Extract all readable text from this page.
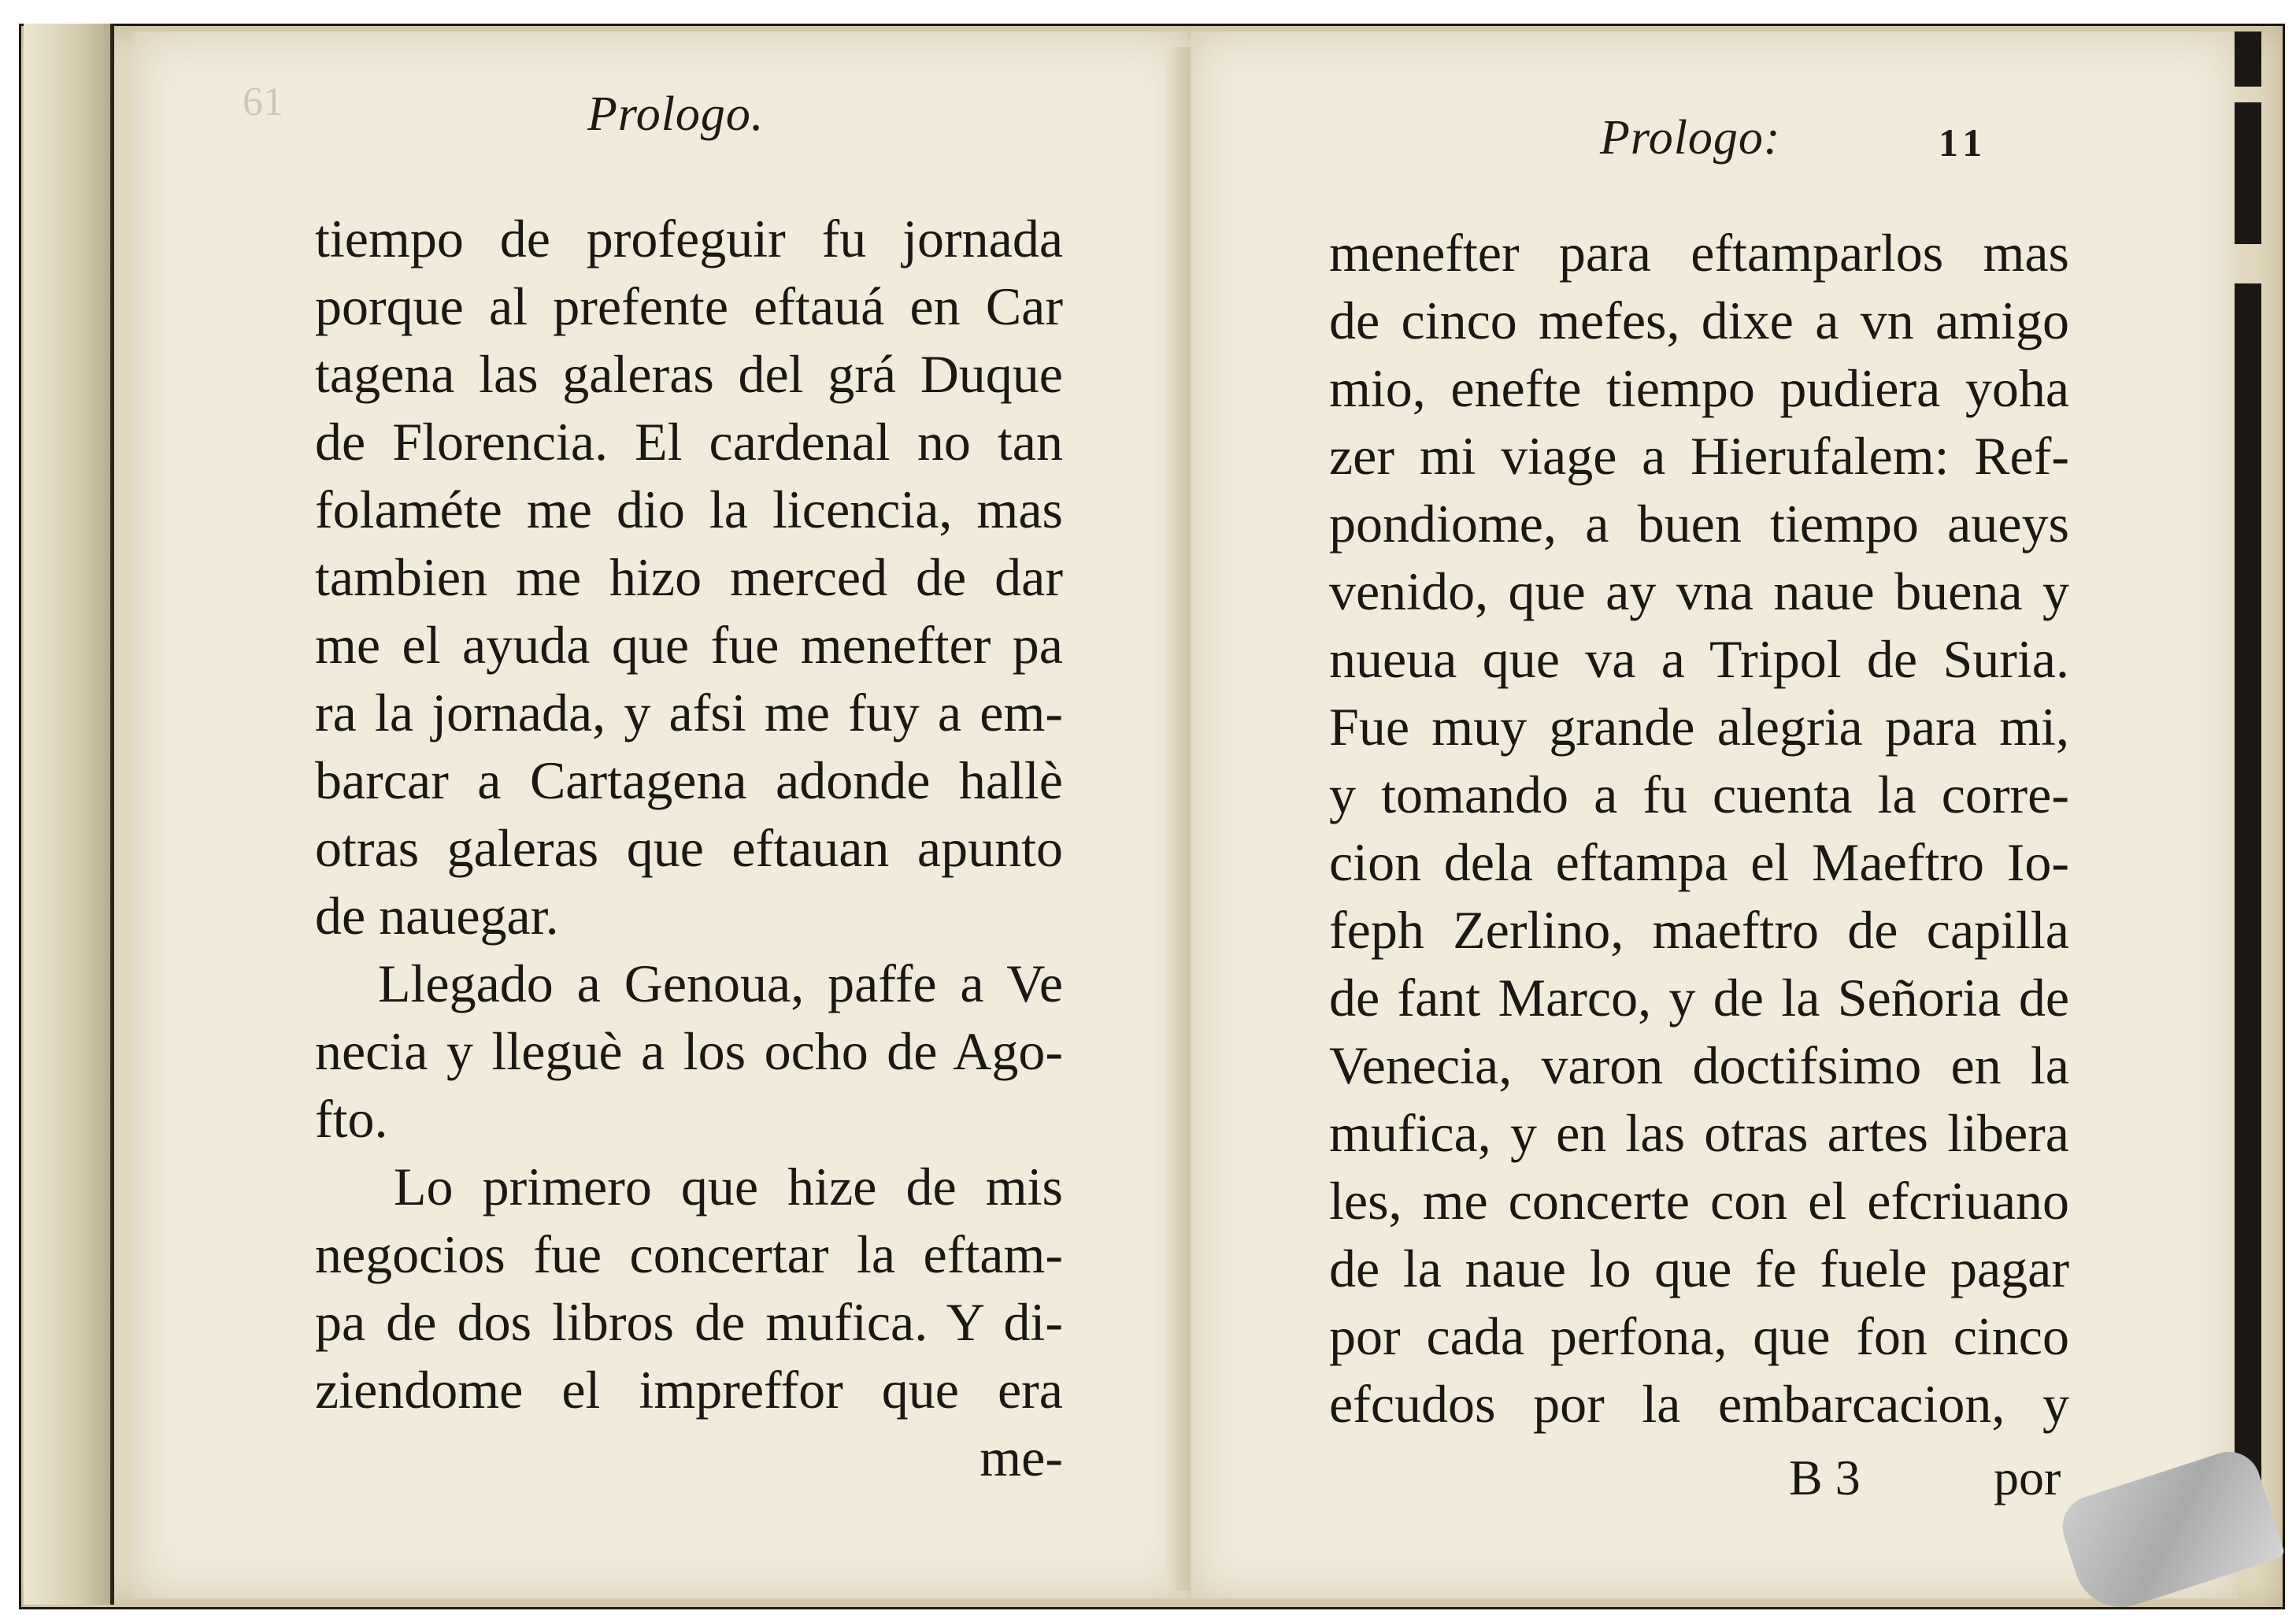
61	Prologo.
tiempo de profeguir fu jornada
porque al prefente eftauá en Car
tagena las galeras del grá Duque
de Florencia. El cardenal no tan
folaméte me dio la licencia, mas
tambien me hizo merced de dar
me el ayuda que fue menefter pa
ra la jornada, y afsi me fuy a em-
barcar a Cartagena adonde hallè
otras galeras que eftauan apunto
de nauegar.
Llegado a Genoua, paffe a Ve
necia y lleguè a los ocho de Ago-
fto.
Lo primero que hize de mis
negocios fue concertar la eftam-
pa de dos libros de mufica. Y di-
ziendome el impreffor que era
me-
Prologo:	11
menefter para eftamparlos mas
de cinco mefes, dixe a vn amigo
mio, enefte tiempo pudiera yoha
zer mi viage a Hierufalem: Ref-
pondiome, a buen tiempo aueys
venido, que ay vna naue buena y
nueua que va a Tripol de Suria.
Fue muy grande alegria para mi,
y tomando a fu cuenta la corre-
cion dela eftampa el Maeftro Io-
feph Zerlino, maeftro de capilla
de fant Marco, y de la Señoria de
Venecia, varon doctifsimo en la
mufica, y en las otras artes libera
les, me concerte con el efcriuano
de la naue lo que fe fuele pagar
por cada perfona, que fon cinco
efcudos por la embarcacion, y
B 3	por
